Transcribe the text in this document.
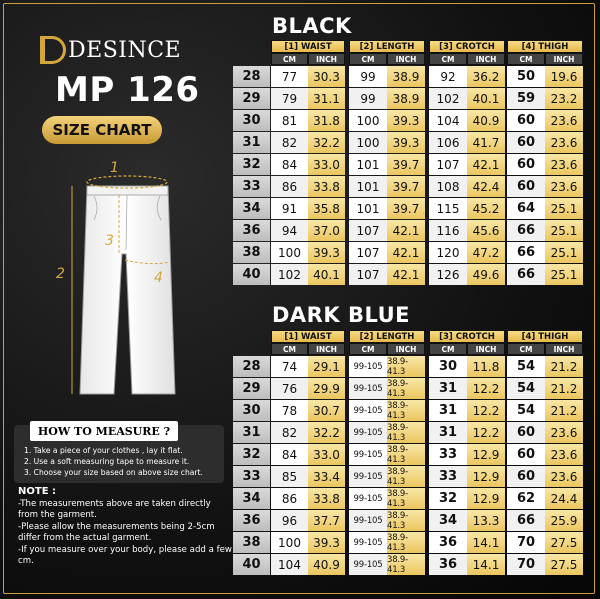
DESINCE
MP 126
SIZE CHART
1
2
3
4
HOW TO MEASURE ?
1. Take a piece of your clothes , lay it flat.
2. Use a soft measuring tape to measure it.
3. Choose your size based on above size chart.
NOTE :
-The measurements above are taken directly from the garment.
-Please allow the measurements being 2-5cm differ from the actual garment.
-If you measure over your body, please add a few cm.
BLACK
[1] WAIST
CM	INCH
[2] LENGTH
CM	INCH
[3] CROTCH
CM	INCH
[4] THIGH
CM	INCH
28	77	30.3	99	38.9	92	36.2	50	19.6
29	79	31.1	99	38.9	102	40.1	59	23.2
30	81	31.8	100	39.3	104	40.9	60	23.6
31	82	32.2	100	39.3	106	41.7	60	23.6
32	84	33.0	101	39.7	107	42.1	60	23.6
33	86	33.8	101	39.7	108	42.4	60	23.6
34	91	35.8	101	39.7	115	45.2	64	25.1
36	94	37.0	107	42.1	116	45.6	66	25.1
38	100	39.3	107	42.1	120	47.2	66	25.1
40	102	40.1	107	42.1	126	49.6	66	25.1
DARK BLUE
[1] WAIST
CM	INCH
[2] LENGTH
CM	INCH
[3] CROTCH
CM	INCH
[4] THIGH
CM	INCH
28	74	29.1	99-105 38.9-41.3	30	11.8	54	21.2
29	76	29.9	99-105 38.9-41.3	31	12.2	54	21.2
30	78	30.7	99-105 38.9-41.3	31	12.2	54	21.2
31	82	32.2	99-105 38.9-41.3	31	12.2	60	23.6
32	84	33.0	99-105 38.9-41.3	33	12.9	60	23.6
33	85	33.4	99-105 38.9-41.3	33	12.9	60	23.6
34	86	33.8	99-105 38.9-41.3	32	12.9	62	24.4
36	96	37.7	99-105 38.9-41.3	34	13.3	66	25.9
38	100	39.3	99-105 38.9-41.3	36	14.1	70	27.5
40	104	40.9	99-105 38.9-41.3	36	14.1	70	27.5
